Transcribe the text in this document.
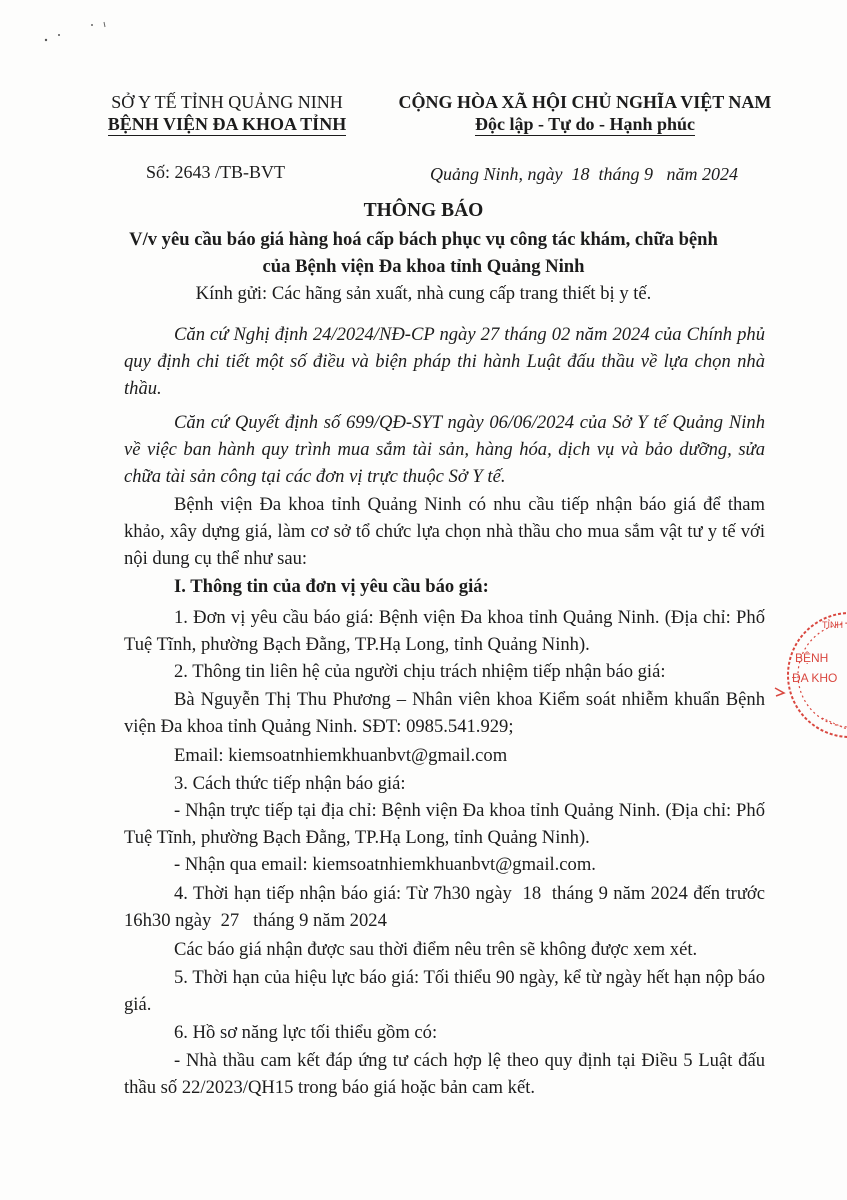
SỞ Y TẾ TỈNH QUẢNG NINH
BỆNH VIỆN ĐA KHOA TỈNH
CỘNG HÒA XÃ HỘI CHỦ NGHĨA VIỆT NAM
Độc lập - Tự do - Hạnh phúc
Số: 2643 /TB-BVT	Quảng Ninh, ngày  18  tháng 9   năm 2024
THÔNG BÁO
V/v yêu cầu báo giá hàng hoá cấp bách phục vụ công tác khám, chữa bệnh
của Bệnh viện Đa khoa tỉnh Quảng Ninh
Kính gửi: Các hãng sản xuất, nhà cung cấp trang thiết bị y tế.
Căn cứ Nghị định 24/2024/NĐ-CP ngày 27 tháng 02 năm 2024 của Chính phủ quy định chi tiết một số điều và biện pháp thi hành Luật đấu thầu về lựa chọn nhà thầu.
Căn cứ Quyết định số 699/QĐ-SYT ngày 06/06/2024 của Sở Y tế Quảng Ninh về việc ban hành quy trình mua sắm tài sản, hàng hóa, dịch vụ và bảo dưỡng, sửa chữa tài sản công tại các đơn vị trực thuộc Sở Y tế.
Bệnh viện Đa khoa tỉnh Quảng Ninh có nhu cầu tiếp nhận báo giá để tham khảo, xây dựng giá, làm cơ sở tổ chức lựa chọn nhà thầu cho mua sắm vật tư y tế với nội dung cụ thể như sau:
I. Thông tin của đơn vị yêu cầu báo giá:
1. Đơn vị yêu cầu báo giá: Bệnh viện Đa khoa tỉnh Quảng Ninh. (Địa chỉ: Phố Tuệ Tĩnh, phường Bạch Đằng, TP.Hạ Long, tỉnh Quảng Ninh).
2. Thông tin liên hệ của người chịu trách nhiệm tiếp nhận báo giá:
Bà Nguyễn Thị Thu Phương – Nhân viên khoa Kiểm soát nhiễm khuẩn Bệnh viện Đa khoa tỉnh Quảng Ninh. SĐT: 0985.541.929;
Email: kiemsoatnhiemkhuanbvt@gmail.com
3. Cách thức tiếp nhận báo giá:
- Nhận trực tiếp tại địa chỉ: Bệnh viện Đa khoa tỉnh Quảng Ninh. (Địa chỉ: Phố Tuệ Tĩnh, phường Bạch Đằng, TP.Hạ Long, tỉnh Quảng Ninh).
- Nhận qua email: kiemsoatnhiemkhuanbvt@gmail.com.
4. Thời hạn tiếp nhận báo giá: Từ 7h30 ngày  18  tháng 9 năm 2024 đến trước 16h30 ngày  27   tháng 9 năm 2024
Các báo giá nhận được sau thời điểm nêu trên sẽ không được xem xét.
5. Thời hạn của hiệu lực báo giá: Tối thiểu 90 ngày, kể từ ngày hết hạn nộp báo giá.
6. Hồ sơ năng lực tối thiểu gồm có:
- Nhà thầu cam kết đáp ứng tư cách hợp lệ theo quy định tại Điều 5 Luật đấu thầu số 22/2023/QH15 trong báo giá hoặc bản cam kết.
TỈNH
BỆNH
ĐA KHO
